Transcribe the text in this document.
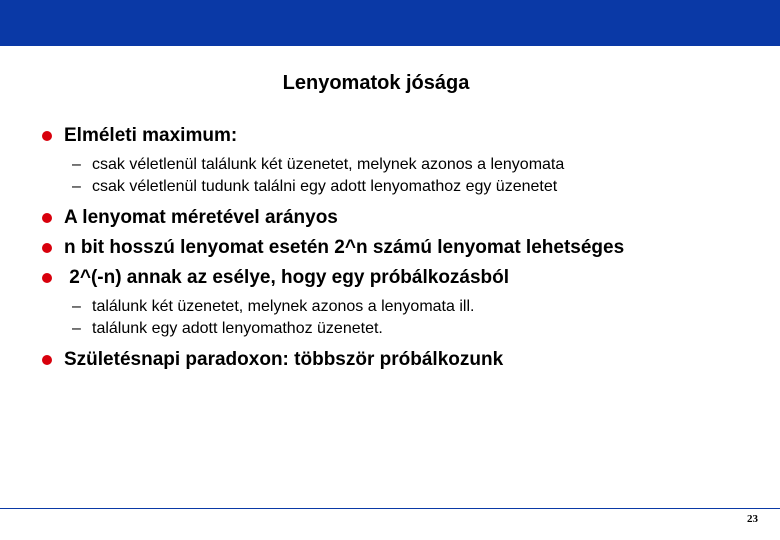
Lenyomatok jósága
Elméleti maximum:
– csak véletlenül találunk két üzenetet, melynek azonos a lenyomata
– csak véletlenül tudunk találni egy adott lenyomathoz egy üzenetet
A lenyomat méretével arányos
n bit hosszú lenyomat esetén 2^n számú lenyomat lehetséges
2^(-n) annak az esélye, hogy egy próbálkozásból
– találunk két üzenetet, melynek azonos a lenyomata ill.
– találunk egy adott lenyomathoz üzenetet.
Születésnapi paradoxon: többször próbálkozunk
23
